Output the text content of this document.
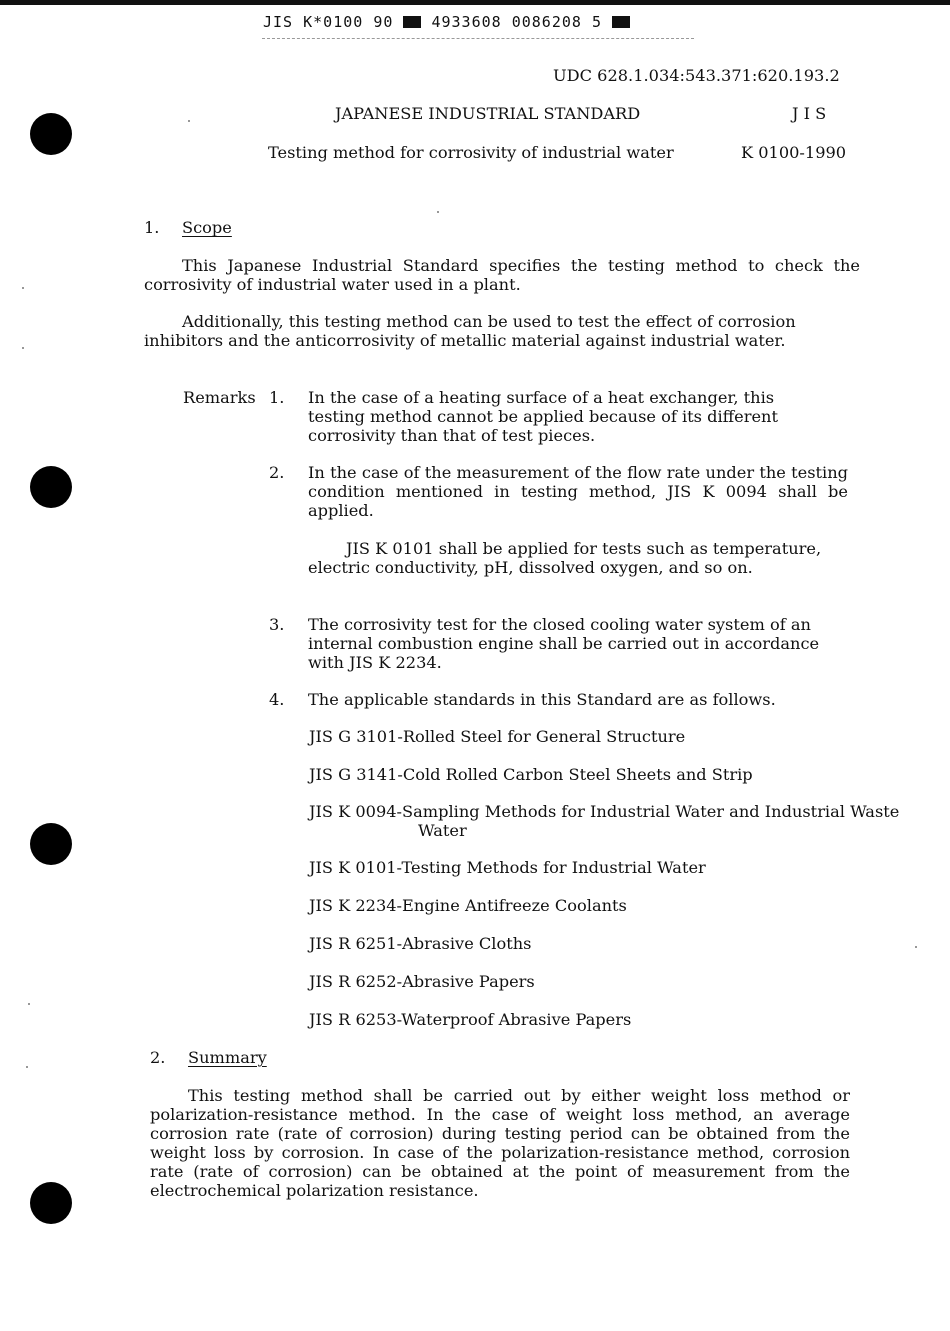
JIS K*0100 90	4933608 0086208 5
UDC 628.1.034:543.371:620.193.2
JAPANESE INDUSTRIAL STANDARD	J I S
Testing method for corrosivity of industrial water	K 0100-1990
1. Scope

This Japanese Industrial Standard specifies the testing method to check the corrosivity of industrial water used in a plant.

Additionally, this testing method can be used to test the effect of corrosion inhibitors and the anticorrosivity of metallic material against industrial water.

Remarks 1. In the case of a heating surface of a heat exchanger, this testing method cannot be applied because of its different corrosivity than that of test pieces.

2. In the case of the measurement of the flow rate under the testing condition mentioned in testing method, JIS K 0094 shall be applied.

JIS K 0101 shall be applied for tests such as temperature, electric conductivity, pH, dissolved oxygen, and so on.

3. The corrosivity test for the closed cooling water system of an internal combustion engine shall be carried out in accordance with JIS K 2234.

4. The applicable standards in this Standard are as follows.

JIS G 3101-Rolled Steel for General Structure
JIS G 3141-Cold Rolled Carbon Steel Sheets and Strip
JIS K 0094-Sampling Methods for Industrial Water and Industrial Waste Water
JIS K 0101-Testing Methods for Industrial Water
JIS K 2234-Engine Antifreeze Coolants
JIS R 6251-Abrasive Cloths
JIS R 6252-Abrasive Papers
JIS R 6253-Waterproof Abrasive Papers
2. Summary

This testing method shall be carried out by either weight loss method or polarization-resistance method. In the case of weight loss method, an average corrosion rate (rate of corrosion) during testing period can be obtained from the weight loss by corrosion. In case of the polarization-resistance method, corrosion rate (rate of corrosion) can be obtained at the point of measurement from the electrochemical polarization resistance.
